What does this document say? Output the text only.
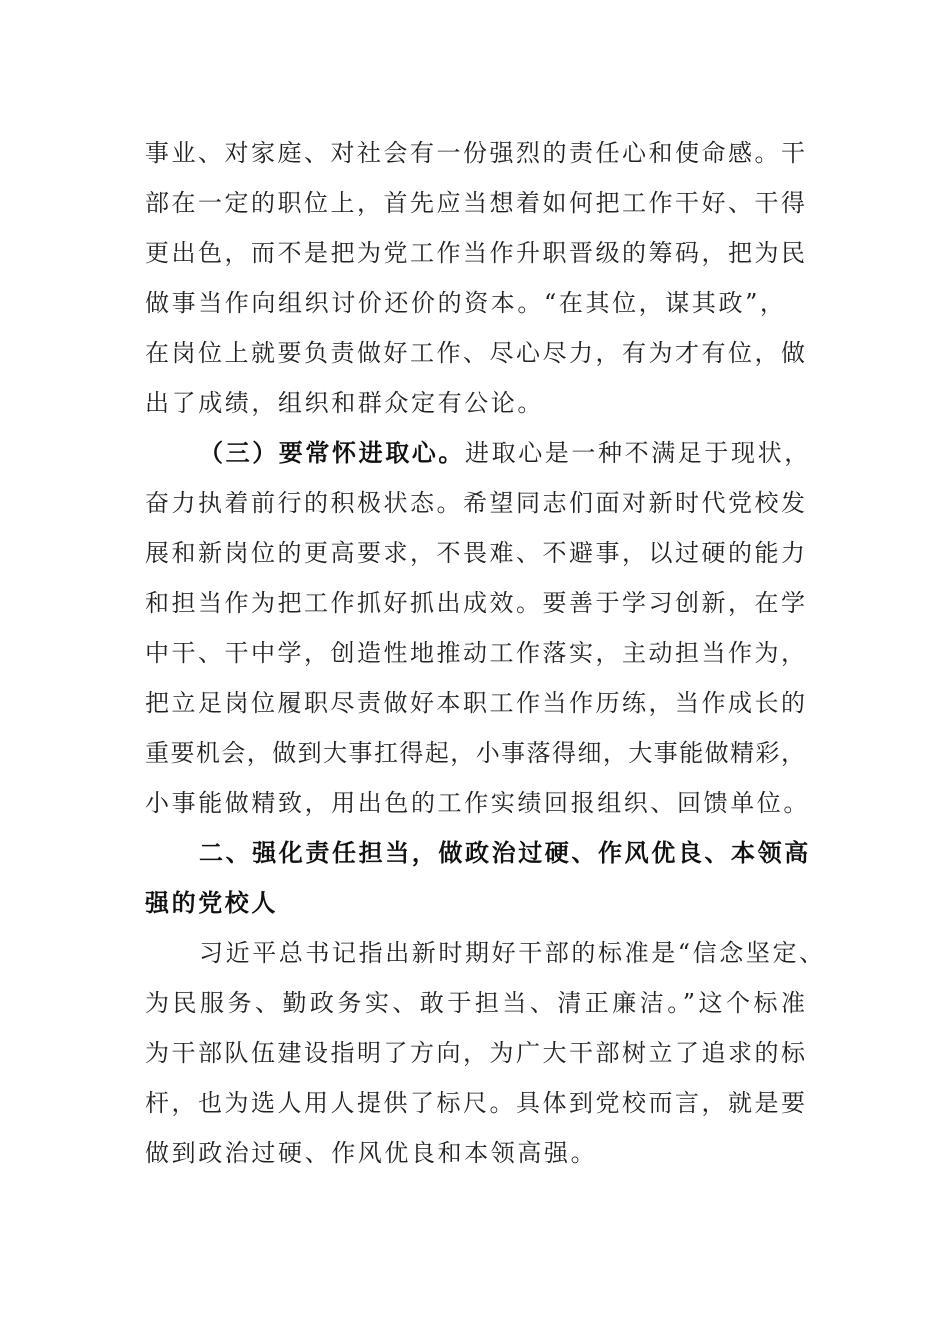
事业、对家庭、对社会有一份强烈的责任心和使命感。干
部在一定的职位上，首先应当想着如何把工作干好、干得
更出色，而不是把为党工作当作升职晋级的筹码，把为民
做事当作向组织讨价还价的资本。“在其位，谋其政”，
在岗位上就要负责做好工作、尽心尽力，有为才有位，做
出了成绩，组织和群众定有公论。
（三）要常怀进取心。进取心是一种不满足于现状，
奋力执着前行的积极状态。希望同志们面对新时代党校发
展和新岗位的更高要求，不畏难、不避事，以过硬的能力
和担当作为把工作抓好抓出成效。要善于学习创新，在学
中干、干中学，创造性地推动工作落实，主动担当作为，
把立足岗位履职尽责做好本职工作当作历练，当作成长的
重要机会，做到大事扛得起，小事落得细，大事能做精彩，
小事能做精致，用出色的工作实绩回报组织、回馈单位。
二、强化责任担当，做政治过硬、作风优良、本领高
强的党校人
习近平总书记指出新时期好干部的标准是“信念坚定、
为民服务、勤政务实、敢于担当、清正廉洁。”这个标准
为干部队伍建设指明了方向，为广大干部树立了追求的标
杆，也为选人用人提供了标尺。具体到党校而言，就是要
做到政治过硬、作风优良和本领高强。
